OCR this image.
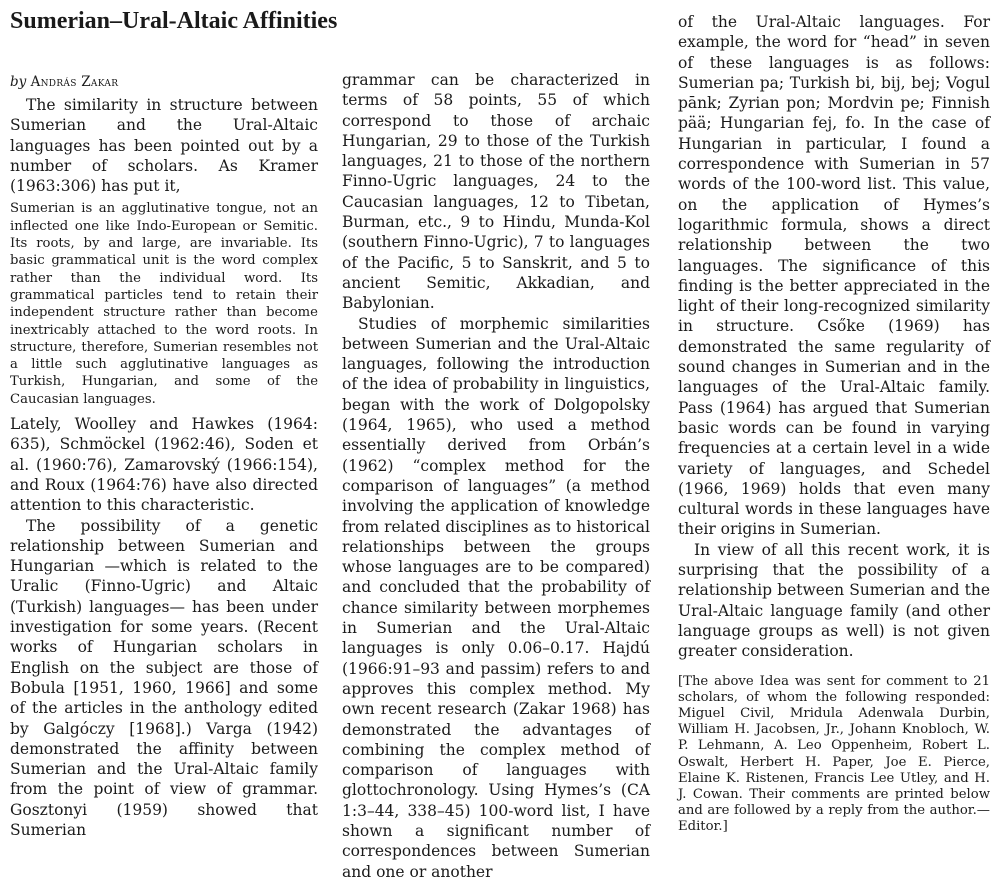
Sumerian–Ural-Altaic Affinities
by András Zakar

The similarity in structure between Sumerian and the Ural-Altaic languages has been pointed out by a number of scholars. As Kramer (1963:306) has put it,

Sumerian is an agglutinative tongue, not an inflected one like Indo-European or Semitic. Its roots, by and large, are invariable. Its basic grammatical unit is the word complex rather than the individual word. Its grammatical particles tend to retain their independent structure rather than become inextricably attached to the word roots. In structure, therefore, Sumerian resembles not a little such agglutinative languages as Turkish, Hungarian, and some of the Caucasian languages.

Lately, Woolley and Hawkes (1964: 635), Schmöckel (1962:46), Soden et al. (1960:76), Zamarovský (1966:154), and Roux (1964:76) have also directed attention to this characteristic.

The possibility of a genetic relationship between Sumerian and Hungarian —which is related to the Uralic (Finno-Ugric) and Altaic (Turkish) languages— has been under investigation for some years. (Recent works of Hungarian scholars in English on the subject are those of Bobula [1951, 1960, 1966] and some of the articles in the anthology edited by Galgóczy [1968].) Varga (1942) demonstrated the affinity between Sumerian and the Ural-Altaic family from the point of view of grammar. Gosztonyi (1959) showed that Sumerian

grammar can be characterized in terms of 58 points, 55 of which correspond to those of archaic Hungarian, 29 to those of the Turkish languages, 21 to those of the northern Finno-Ugric languages, 24 to the Caucasian languages, 12 to Tibetan, Burman, etc., 9 to Hindu, Munda-Kol (southern Finno-Ugric), 7 to languages of the Pacific, 5 to Sanskrit, and 5 to ancient Semitic, Akkadian, and Babylonian.

Studies of morphemic similarities between Sumerian and the Ural-Altaic languages, following the introduction of the idea of probability in linguistics, began with the work of Dolgopolsky (1964, 1965), who used a method essentially derived from Orbán’s (1962) “complex method for the comparison of languages” (a method involving the application of knowledge from related disciplines as to historical relationships between the groups whose languages are to be compared) and concluded that the probability of chance similarity between morphemes in Sumerian and the Ural-Altaic languages is only 0.06–0.17. Hajdú (1966:91–93 and passim) refers to and approves this complex method. My own recent research (Zakar 1968) has demonstrated the advantages of combining the complex method of comparison of languages with glottochronology. Using Hymes’s (CA 1:3–44, 338–45) 100-word list, I have shown a significant number of correspondences between Sumerian and one or another

of the Ural-Altaic languages. For example, the word for “head” in seven of these languages is as follows: Sumerian pa; Turkish bi, bij, bej; Vogul pānk; Zyrian pon; Mordvin pe; Finnish pää; Hungarian fej, fo. In the case of Hungarian in particular, I found a correspondence with Sumerian in 57 words of the 100-word list. This value, on the application of Hymes’s logarithmic formula, shows a direct relationship between the two languages. The significance of this finding is the better appreciated in the light of their long-recognized similarity in structure. Csőke (1969) has demonstrated the same regularity of sound changes in Sumerian and in the languages of the Ural-Altaic family. Pass (1964) has argued that Sumerian basic words can be found in varying frequencies at a certain level in a wide variety of languages, and Schedel (1966, 1969) holds that even many cultural words in these languages have their origins in Sumerian.

In view of all this recent work, it is surprising that the possibility of a relationship between Sumerian and the Ural-Altaic language family (and other language groups as well) is not given greater consideration.

[The above Idea was sent for comment to 21 scholars, of whom the following responded: Miguel Civil, Mridula Adenwala Durbin, William H. Jacobsen, Jr., Johann Knobloch, W. P. Lehmann, A. Leo Oppenheim, Robert L. Oswalt, Herbert H. Paper, Joe E. Pierce, Elaine K. Ristenen, Francis Lee Utley, and H. J. Cowan. Their comments are printed below and are followed by a reply from the author.—Editor.]
